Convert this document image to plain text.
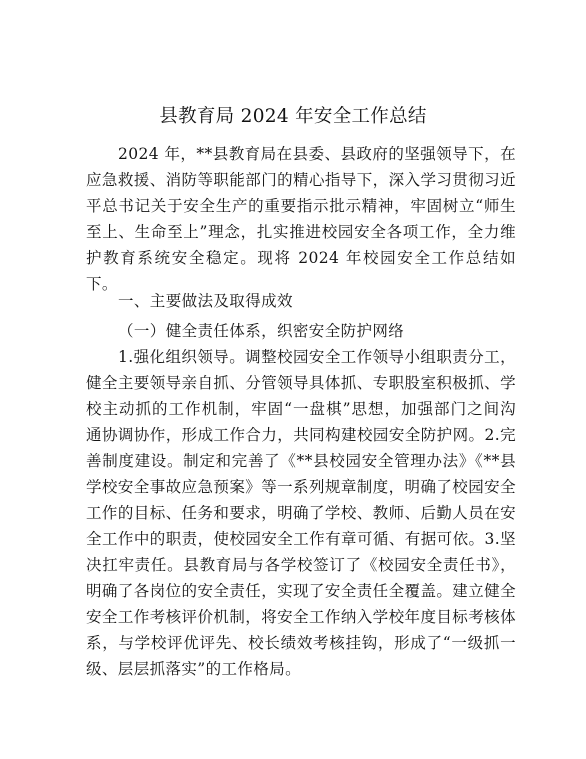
县教育局 2024 年安全工作总结
2024 年，**县教育局在县委、县政府的坚强领导下，在应急救援、消防等职能部门的精心指导下，深入学习贯彻习近平总书记关于安全生产的重要指示批示精神，牢固树立“师生至上、生命至上”理念，扎实推进校园安全各项工作，全力维护教育系统安全稳定。现将 2024 年校园安全工作总结如下。
一、主要做法及取得成效
（一）健全责任体系，织密安全防护网络
1.强化组织领导。调整校园安全工作领导小组职责分工，健全主要领导亲自抓、分管领导具体抓、专职股室积极抓、学校主动抓的工作机制，牢固“一盘棋”思想，加强部门之间沟通协调协作，形成工作合力，共同构建校园安全防护网。2.完善制度建设。制定和完善了《**县校园安全管理办法》《**县学校安全事故应急预案》等一系列规章制度，明确了校园安全工作的目标、任务和要求，明确了学校、教师、后勤人员在安全工作中的职责，使校园安全工作有章可循、有据可依。3.坚决扛牢责任。县教育局与各学校签订了《校园安全责任书》，明确了各岗位的安全责任，实现了安全责任全覆盖。建立健全安全工作考核评价机制，将安全工作纳入学校年度目标考核体系，与学校评优评先、校长绩效考核挂钩，形成了“一级抓一级、层层抓落实”的工作格局。
